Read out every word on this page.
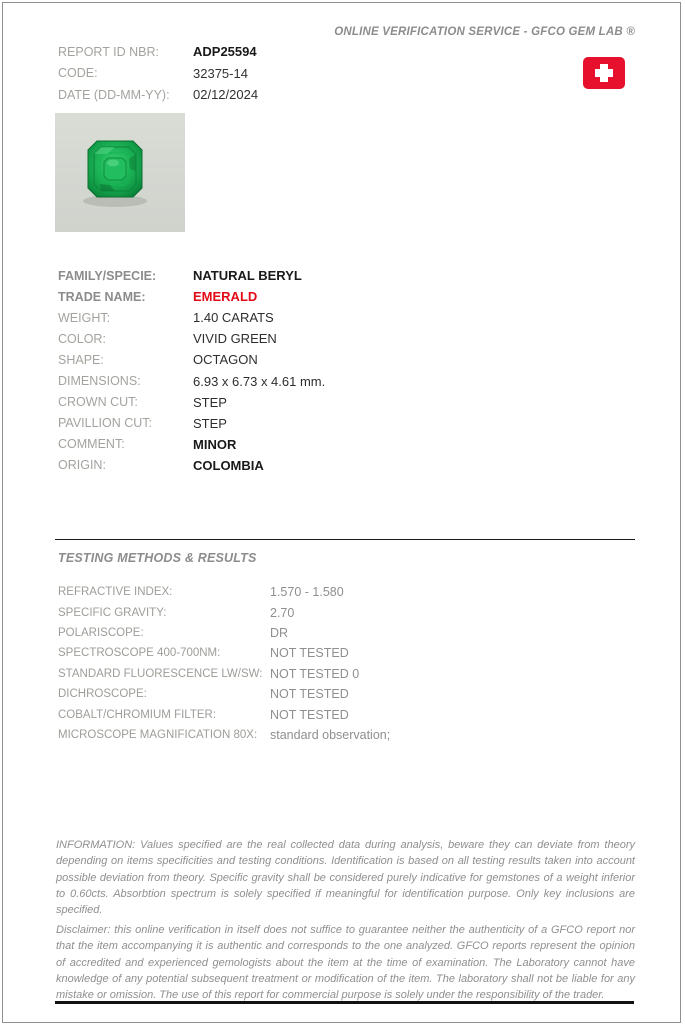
ONLINE VERIFICATION SERVICE - GFCO GEM LAB ®
REPORT ID NBR:	ADP25594
CODE:	32375-14
DATE (DD-MM-YY):	02/12/2024
FAMILY/SPECIE:	NATURAL BERYL
TRADE NAME:	EMERALD
WEIGHT:	1.40 CARATS
COLOR:	VIVID GREEN
SHAPE:	OCTAGON
DIMENSIONS:	6.93 x 6.73 x 4.61 mm.
CROWN CUT:	STEP
PAVILLION CUT:	STEP
COMMENT:	MINOR
ORIGIN:	COLOMBIA
TESTING METHODS & RESULTS
REFRACTIVE INDEX:	1.570 - 1.580
SPECIFIC GRAVITY:	2.70
POLARISCOPE:	DR
SPECTROSCOPE 400-700NM:	NOT TESTED
STANDARD FLUORESCENCE LW/SW: NOT TESTED 0
DICHROSCOPE:	NOT TESTED
COBALT/CHROMIUM FILTER:	NOT TESTED
MICROSCOPE MAGNIFICATION 80X:	standard observation;
INFORMATION: Values specified are the real collected data during analysis, beware they can deviate from theory depending on items specificities and testing conditions. Identification is based on all testing results taken into account possible deviation from theory. Specific gravity shall be considered purely indicative for gemstones of a weight inferior to 0.60cts. Absorbtion spectrum is solely specified if meaningful for identification purpose. Only key inclusions are specified.
Disclaimer: this online verification in itself does not suffice to guarantee neither the authenticity of a GFCO report nor that the item accompanying it is authentic and corresponds to the one analyzed. GFCO reports represent the opinion of accredited and experienced gemologists about the item at the time of examination. The Laboratory cannot have knowledge of any potential subsequent treatment or modification of the item. The laboratory shall not be liable for any mistake or omission. The use of this report for commercial purpose is solely under the responsibility of the trader.
